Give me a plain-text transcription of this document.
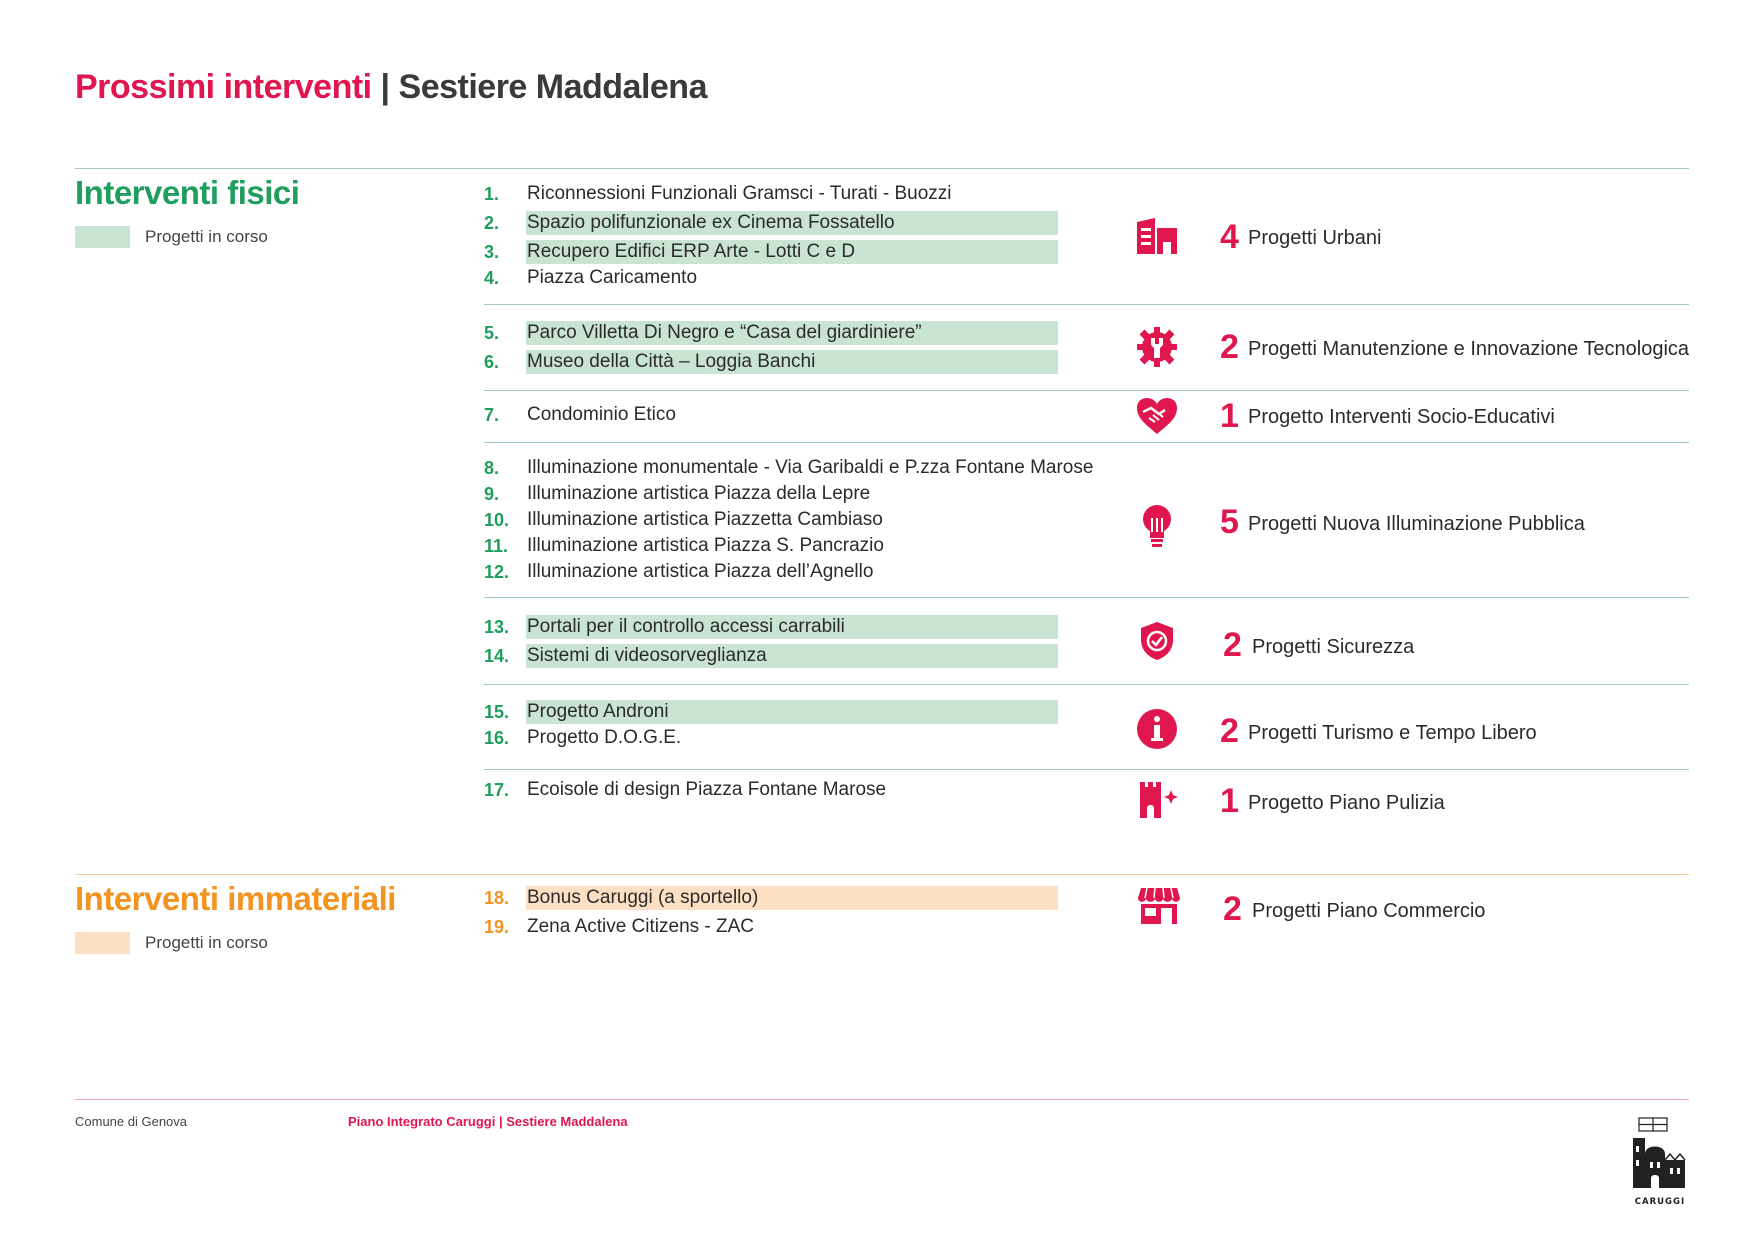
Prossimi interventi | Sestiere Maddalena
Interventi fisici
Progetti in corso
Interventi immateriali
Progetti in corso
1. Riconnessioni Funzionali Gramsci - Turati - Buozzi
2. Spazio polifunzionale ex Cinema Fossatello
3. Recupero Edifici ERP Arte - Lotti C e D
4. Piazza Caricamento
5. Parco Villetta Di Negro e “Casa del giardiniere”
6. Museo della Città – Loggia Banchi
7. Condominio Etico
8. Illuminazione monumentale - Via Garibaldi e P.zza Fontane Marose
9. Illuminazione artistica Piazza della Lepre
10. Illuminazione artistica Piazzetta Cambiaso
11. Illuminazione artistica Piazza S. Pancrazio
12. Illuminazione artistica Piazza dell’Agnello
13. Portali per il controllo accessi carrabili
14. Sistemi di videosorveglianza
15. Progetto Androni
16. Progetto D.O.G.E.
17. Ecoisole di design Piazza Fontane Marose
18. Bonus Caruggi (a sportello)
19. Zena Active Citizens - ZAC
4 Progetti Urbani
2 Progetti Manutenzione e Innovazione Tecnologica
1 Progetto Interventi Socio-Educativi
5 Progetti Nuova Illuminazione Pubblica
2 Progetti Sicurezza
2 Progetti Turismo e Tempo Libero
1 Progetto Piano Pulizia
2 Progetti Piano Commercio
Comune di Genova	Piano Integrato Caruggi | Sestiere Maddalena
CARUGGI
